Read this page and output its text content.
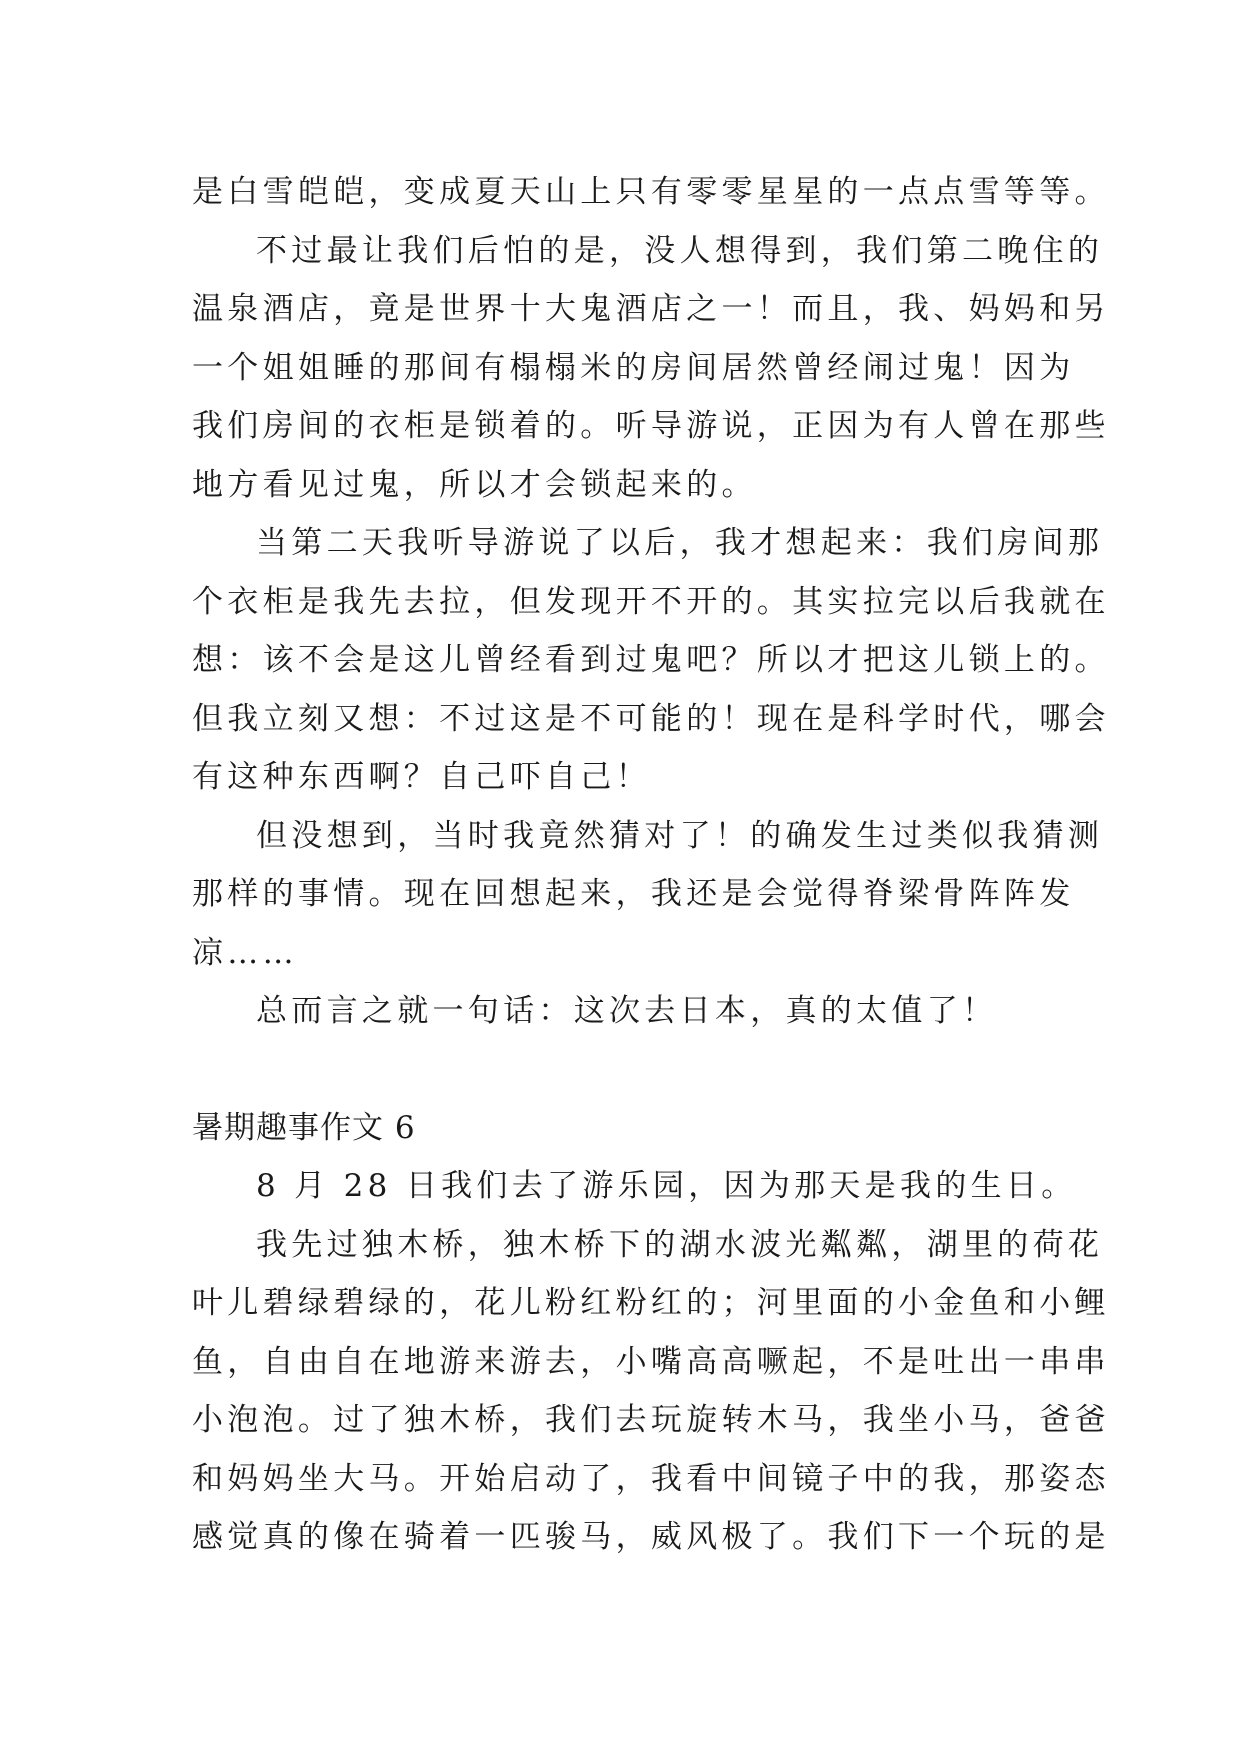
是白雪皑皑，变成夏天山上只有零零星星的一点点雪等等。
不过最让我们后怕的是，没人想得到，我们第二晚住的
温泉酒店，竟是世界十大鬼酒店之一！而且，我、妈妈和另
一个姐姐睡的那间有榻榻米的房间居然曾经闹过鬼！因为
我们房间的衣柜是锁着的。听导游说，正因为有人曾在那些
地方看见过鬼，所以才会锁起来的。
当第二天我听导游说了以后，我才想起来：我们房间那
个衣柜是我先去拉，但发现开不开的。其实拉完以后我就在
想：该不会是这儿曾经看到过鬼吧？所以才把这儿锁上的。
但我立刻又想：不过这是不可能的！现在是科学时代，哪会
有这种东西啊？自己吓自己！
但没想到，当时我竟然猜对了！的确发生过类似我猜测
那样的事情。现在回想起来，我还是会觉得脊梁骨阵阵发
凉……
总而言之就一句话：这次去日本，真的太值了！
暑期趣事作文 6
8 月 28 日我们去了游乐园，因为那天是我的生日。
我先过独木桥，独木桥下的湖水波光粼粼，湖里的荷花
叶儿碧绿碧绿的，花儿粉红粉红的；河里面的小金鱼和小鲤
鱼，自由自在地游来游去，小嘴高高噘起，不是吐出一串串
小泡泡。过了独木桥，我们去玩旋转木马，我坐小马，爸爸
和妈妈坐大马。开始启动了，我看中间镜子中的我，那姿态
感觉真的像在骑着一匹骏马，威风极了。我们下一个玩的是
